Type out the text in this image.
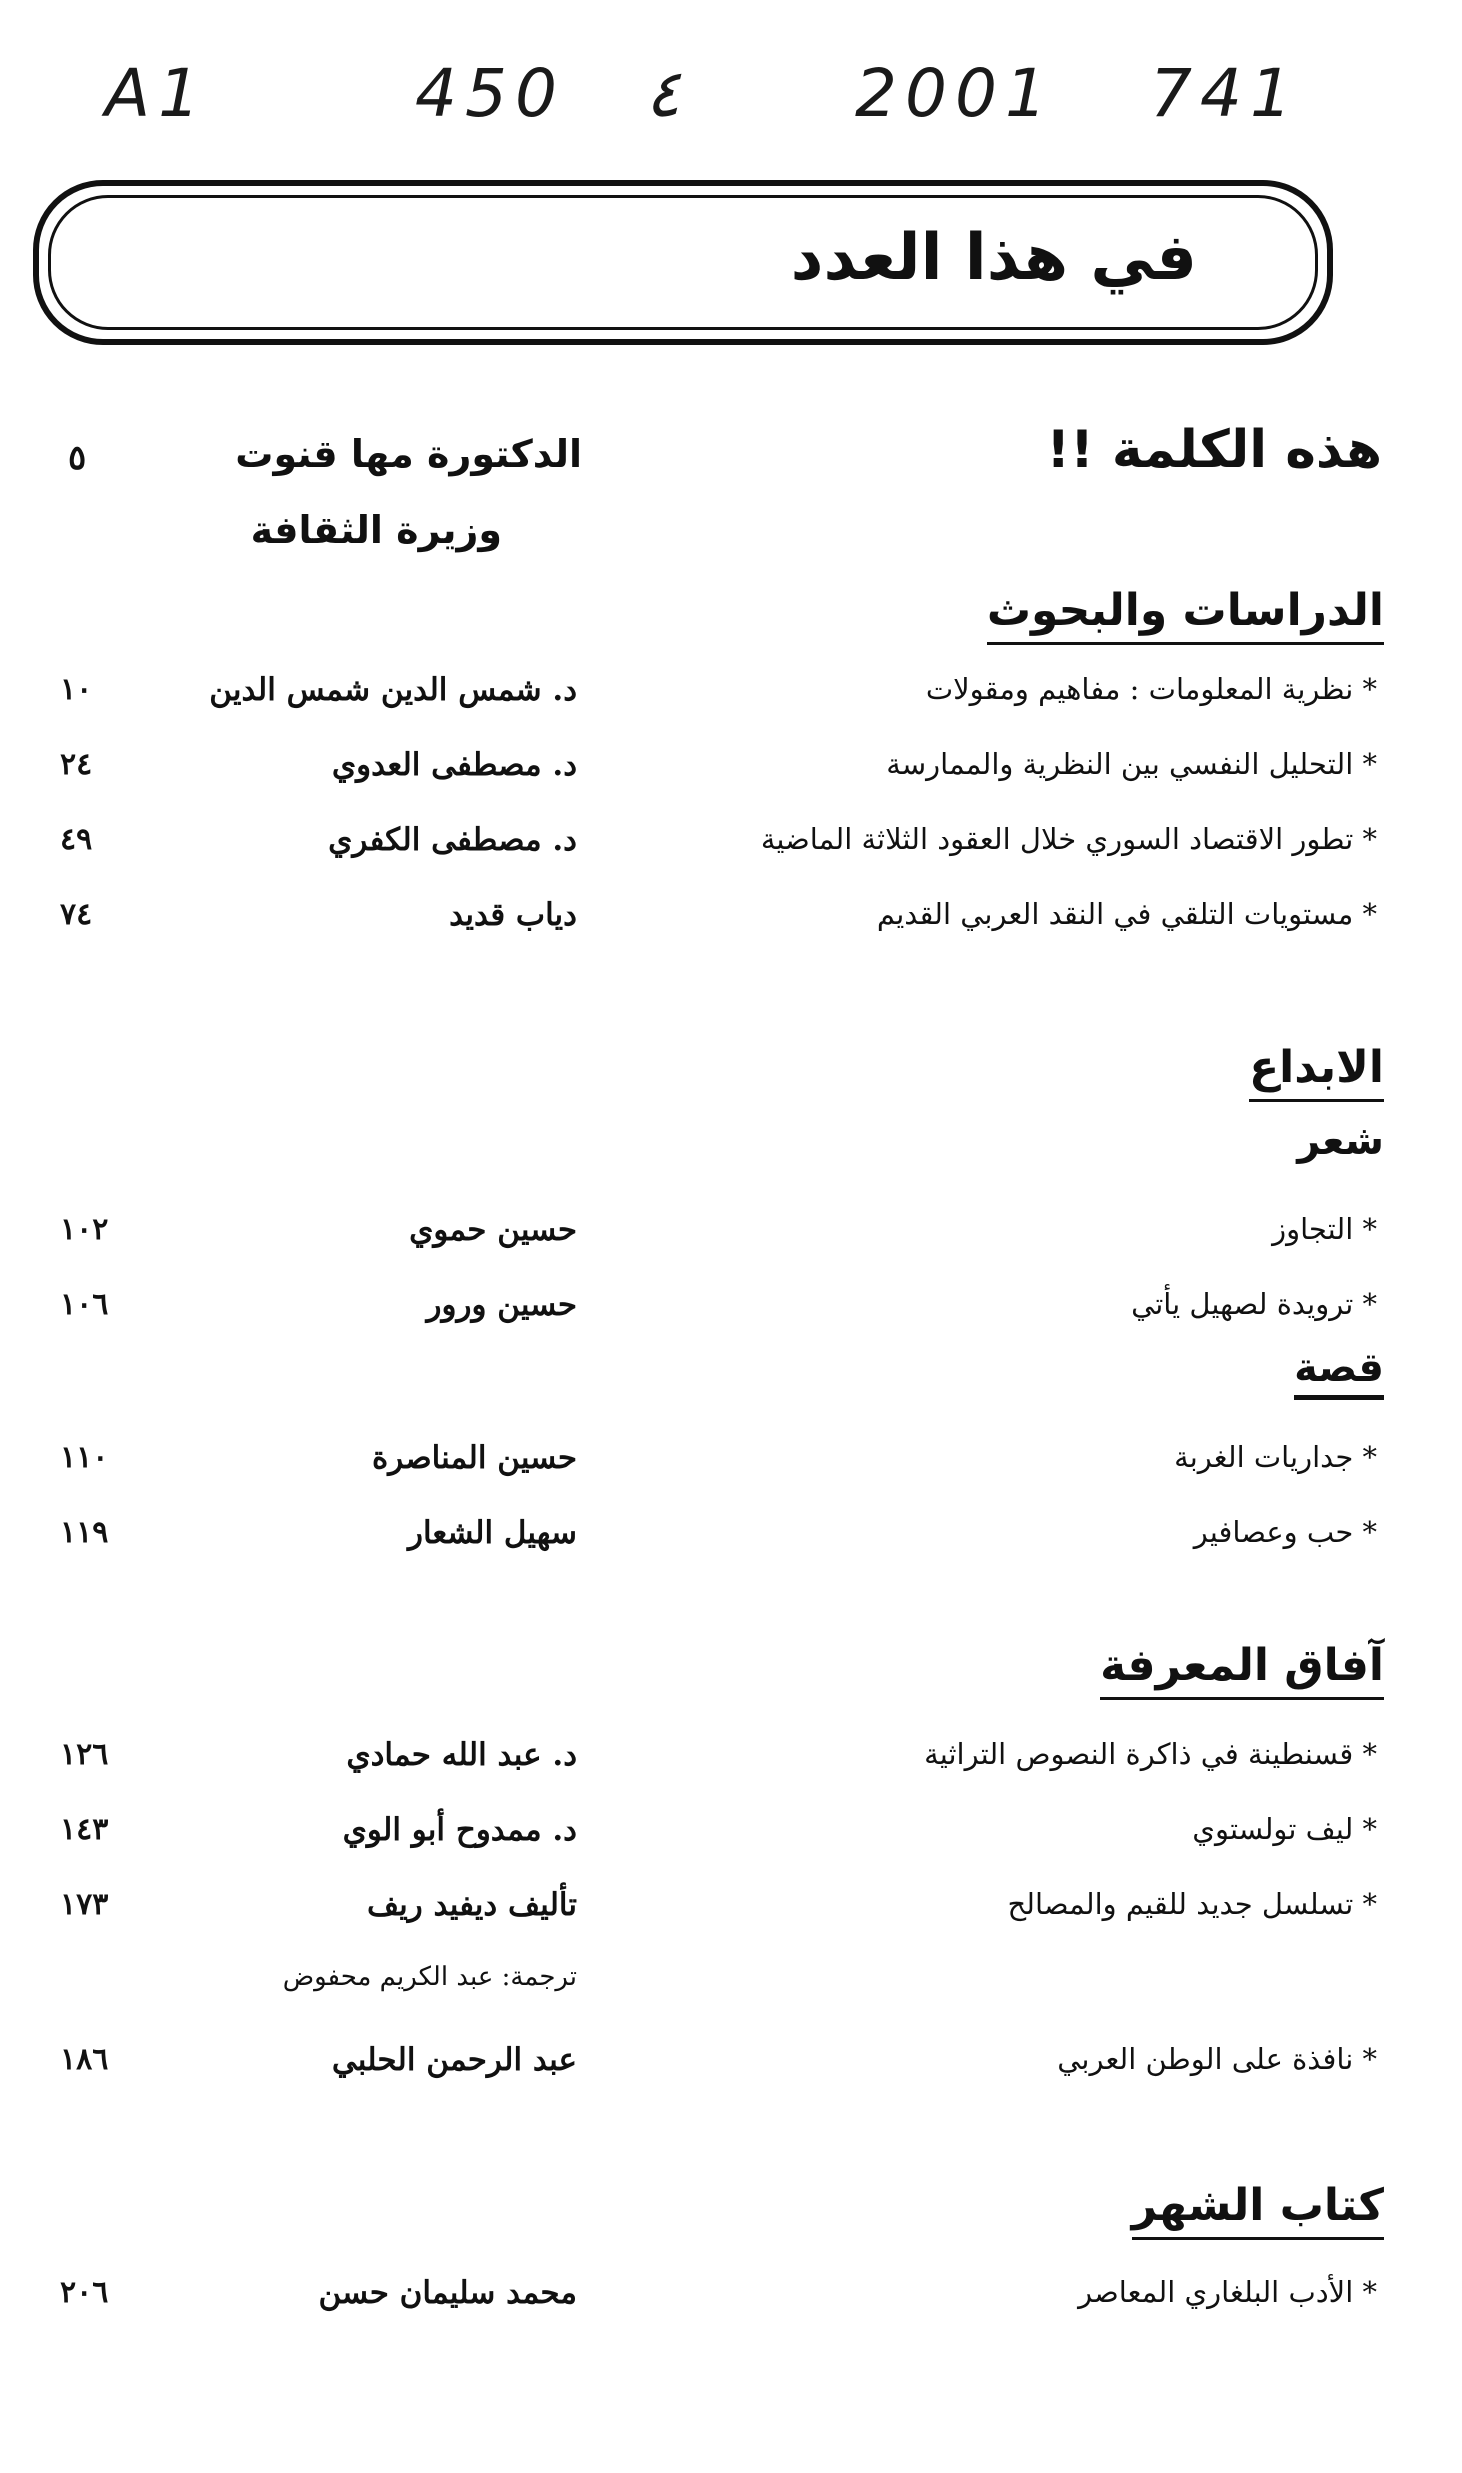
A1	450 ٤	2001 741
في هذا العدد
هذه الكلمة !!
الدكتورة مها قنوت
وزيرة الثقافة
٥
الدراسات والبحوث
* نظرية المعلومات : مفاهيم ومقولات
د. شمس الدين شمس الدين
١٠
* التحليل النفسي بين النظرية والممارسة
د. مصطفى العدوي
٢٤
* تطور الاقتصاد السوري خلال العقود الثلاثة الماضية
د. مصطفى الكفري
٤٩
* مستويات التلقي في النقد العربي القديم
دياب قديد
٧٤
الابداع
شعر
* التجاوز
حسين حموي
١٠٢
* ترويدة لصهيل يأتي
حسين ورور
١٠٦
قصة
* جداريات الغربة
حسين المناصرة
١١٠
* حب وعصافير
سهيل الشعار
١١٩
آفاق المعرفة
* قسنطينة في ذاكرة النصوص التراثية
د. عبد الله حمادي
١٢٦
* ليف تولستوي
د. ممدوح أبو الوي
١٤٣
* تسلسل جديد للقيم والمصالح
تأليف ديفيد ريف
١٧٣
ترجمة: عبد الكريم محفوض
* نافذة على الوطن العربي
عبد الرحمن الحلبي
١٨٦
كتاب الشهر
* الأدب البلغاري المعاصر
محمد سليمان حسن
٢٠٦
